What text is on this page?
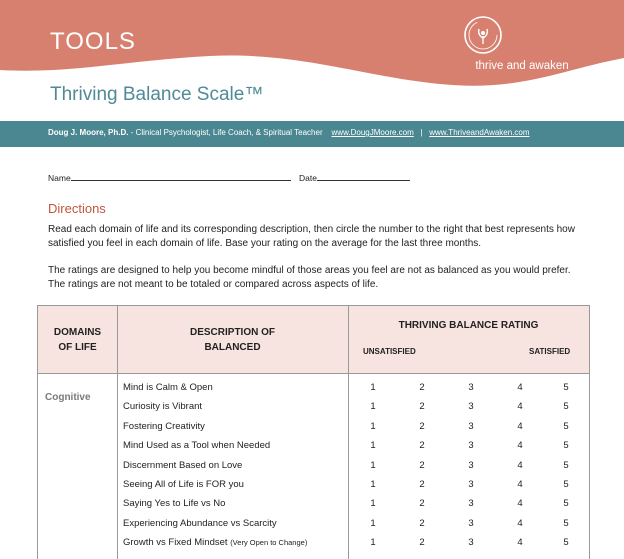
TOOLS
thrive and awaken
Thriving Balance Scale™
Doug J. Moore, Ph.D. - Clinical Psychologist, Life Coach, & Spiritual Teacher www.DougJMoore.com | www.ThriveandAwaken.com
Name	Date
Directions
Read each domain of life and its corresponding description, then circle the number to the right that best represents how satisfied you feel in each domain of life. Base your rating on the average for the last three months.
The ratings are designed to help you become mindful of those areas you feel are not as balanced as you would prefer. The ratings are not meant to be totaled or compared across aspects of life.
DOMAINS
OF LIFE
DESCRIPTION OF
BALANCED
THRIVING BALANCE RATING
UNSATISFIED	SATISFIED
Cognitive
Mind is Calm & Open	1	2	3	4	5
Curiosity is Vibrant	1	2	3	4	5
Fostering Creativity	1	2	3	4	5
Mind Used as a Tool when Needed	1	2	3	4	5
Discernment Based on Love	1	2	3	4	5
Seeing All of Life is FOR you	1	2	3	4	5
Saying Yes to Life vs No	1	2	3	4	5
Experiencing Abundance vs Scarcity	1	2	3	4	5
Growth vs Fixed Mindset (Very Open to Change)	1	2	3	4	5
